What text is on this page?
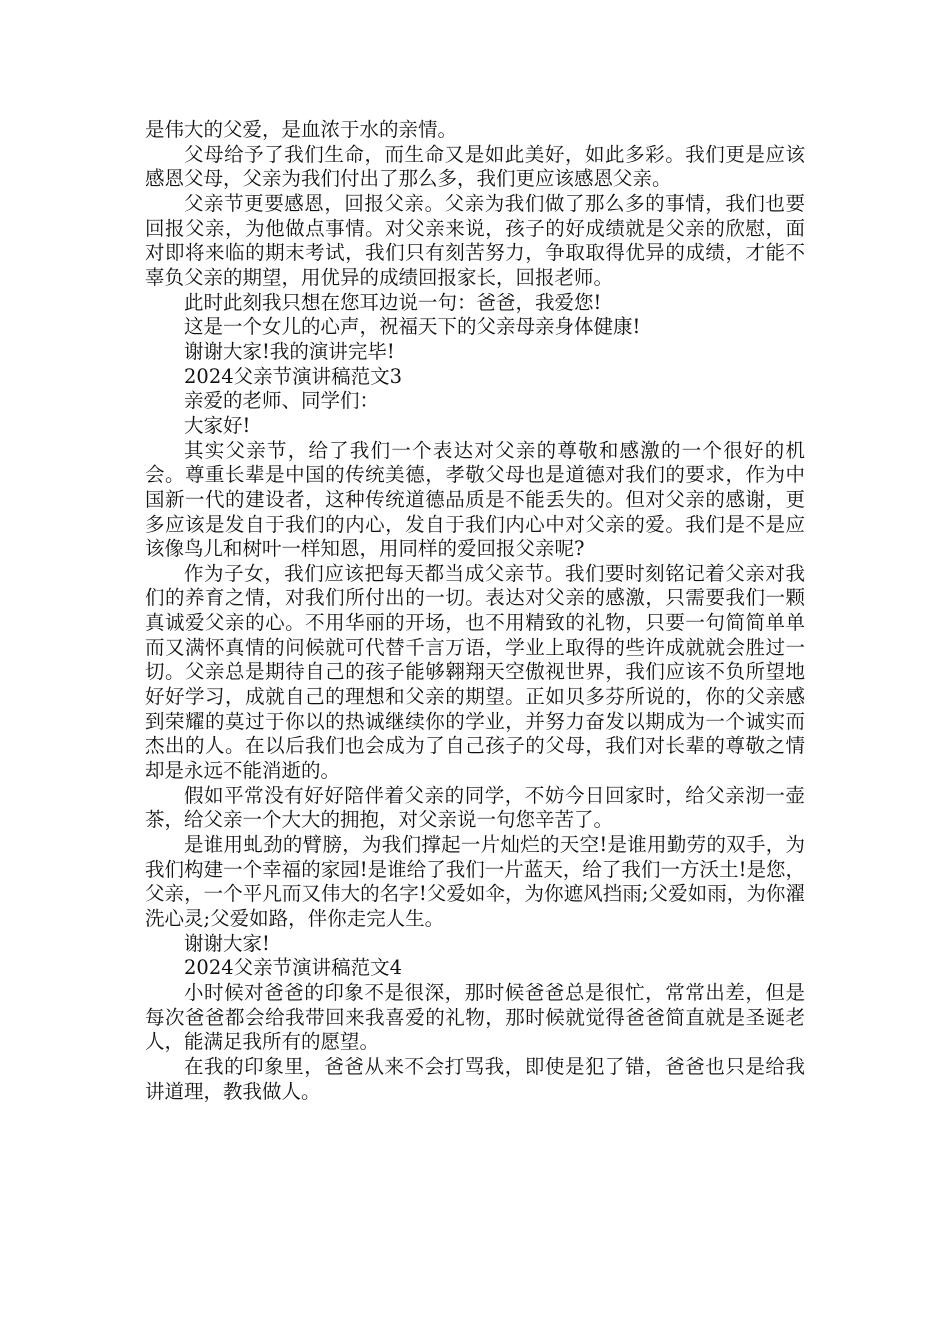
是伟大的父爱，是血浓于水的亲情。

父母给予了我们生命，而生命又是如此美好，如此多彩。我们更是应该感恩父母，父亲为我们付出了那么多，我们更应该感恩父亲。

父亲节更要感恩，回报父亲。父亲为我们做了那么多的事情，我们也要回报父亲，为他做点事情。对父亲来说，孩子的好成绩就是父亲的欣慰，面对即将来临的期末考试，我们只有刻苦努力，争取取得优异的成绩，才能不辜负父亲的期望，用优异的成绩回报家长，回报老师。

此时此刻我只想在您耳边说一句：爸爸，我爱您!

这是一个女儿的心声，祝福天下的父亲母亲身体健康!

谢谢大家!我的演讲完毕!

2024父亲节演讲稿范文3

亲爱的老师、同学们：

大家好!

其实父亲节，给了我们一个表达对父亲的尊敬和感激的一个很好的机会。尊重长辈是中国的传统美德，孝敬父母也是道德对我们的要求，作为中国新一代的建设者，这种传统道德品质是不能丢失的。但对父亲的感谢，更多应该是发自于我们的内心，发自于我们内心中对父亲的爱。我们是不是应该像鸟儿和树叶一样知恩，用同样的爱回报父亲呢?

作为子女，我们应该把每天都当成父亲节。我们要时刻铭记着父亲对我们的养育之情，对我们所付出的一切。表达对父亲的感激，只需要我们一颗真诚爱父亲的心。不用华丽的开场，也不用精致的礼物，只要一句简简单单而又满怀真情的问候就可代替千言万语，学业上取得的些许成就就会胜过一切。父亲总是期待自己的孩子能够翱翔天空傲视世界，我们应该不负所望地好好学习，成就自己的理想和父亲的期望。正如贝多芬所说的，你的父亲感到荣耀的莫过于你以的热诚继续你的学业，并努力奋发以期成为一个诚实而杰出的人。在以后我们也会成为了自己孩子的父母，我们对长辈的尊敬之情却是永远不能消逝的。

假如平常没有好好陪伴着父亲的同学，不妨今日回家时，给父亲沏一壶茶，给父亲一个大大的拥抱，对父亲说一句您辛苦了。

是谁用虬劲的臂膀，为我们撑起一片灿烂的天空!是谁用勤劳的双手，为我们构建一个幸福的家园!是谁给了我们一片蓝天，给了我们一方沃土!是您，父亲，一个平凡而又伟大的名字!父爱如伞，为你遮风挡雨;父爱如雨，为你濯洗心灵;父爱如路，伴你走完人生。

谢谢大家!

2024父亲节演讲稿范文4

小时候对爸爸的印象不是很深，那时候爸爸总是很忙，常常出差，但是每次爸爸都会给我带回来我喜爱的礼物，那时候就觉得爸爸简直就是圣诞老人，能满足我所有的愿望。

在我的印象里，爸爸从来不会打骂我，即使是犯了错，爸爸也只是给我讲道理，教我做人。
